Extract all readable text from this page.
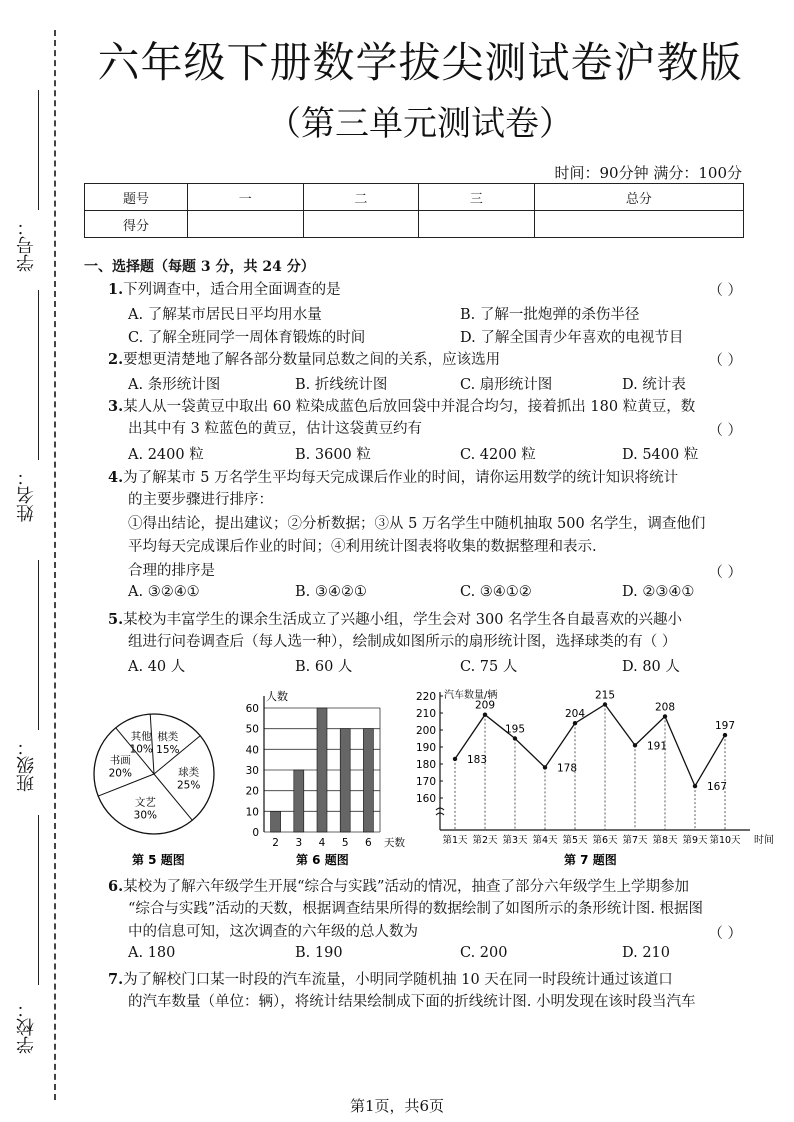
学号：
姓名：
班级：
学校：
六年级下册数学拔尖测试卷沪教版
（第三单元测试卷）
时间：90分钟 满分：100分
题号	一	二	三	总分
得分				
一、选择题（每题 3 分，共 24 分）
1.下列调查中，适合用全面调查的是	（ ）
A. 了解某市居民日平均用水量	B. 了解一批炮弹的杀伤半径
C. 了解全班同学一周体育锻炼的时间	D. 了解全国青少年喜欢的电视节目
2.要想更清楚地了解各部分数量同总数之间的关系，应该选用	（ ）
A. 条形统计图	B. 折线统计图	C. 扇形统计图	D. 统计表
3.某人从一袋黄豆中取出 60 粒染成蓝色后放回袋中并混合均匀，接着抓出 180 粒黄豆，数
出其中有 3 粒蓝色的黄豆，估计这袋黄豆约有	（ ）
A. 2400 粒	B. 3600 粒	C. 4200 粒	D. 5400 粒
4.为了解某市 5 万名学生平均每天完成课后作业的时间，请你运用数学的统计知识将统计
的主要步骤进行排序：
①得出结论，提出建议；②分析数据；③从 5 万名学生中随机抽取 500 名学生，调查他们
平均每天完成课后作业的时间；④利用统计图表将收集的数据整理和表示.
合理的排序是	（ ）
A. ③②④①	B. ③④②①	C. ③④①②	D. ②③④①
5.某校为丰富学生的课余生活成立了兴趣小组，学生会对 300 名学生各自最喜欢的兴趣小
组进行问卷调查后（每人选一种），绘制成如图所示的扇形统计图，选择球类的有（ ）
A. 40 人	B. 60 人	C. 75 人	D. 80 人
其他
10%
棋类
15%
球类
25%
文艺
30%
书画
20%
0
10
20
30
40
50
60
人数
2 3 4 5 6 天数
160
170
180
190
200
210
220 汽车数量/辆
183
第1天
209
第2天
195
第3天
178
第4天
204
第5天
215
第6天
191
第7天
208
第8天
167
第9天
197
第10天 时间
第 5 题图	第 6 题图	第 7 题图
6.某校为了解六年级学生开展“综合与实践”活动的情况，抽查了部分六年级学生上学期参加
“综合与实践”活动的天数，根据调查结果所得的数据绘制了如图所示的条形统计图. 根据图
中的信息可知，这次调查的六年级的总人数为	（ ）
A. 180	B. 190	C. 200	D. 210
7.为了解校门口某一时段的汽车流量，小明同学随机抽 10 天在同一时段统计通过该道口
的汽车数量（单位：辆），将统计结果绘制成下面的折线统计图. 小明发现在该时段当汽车
第1页，共6页
